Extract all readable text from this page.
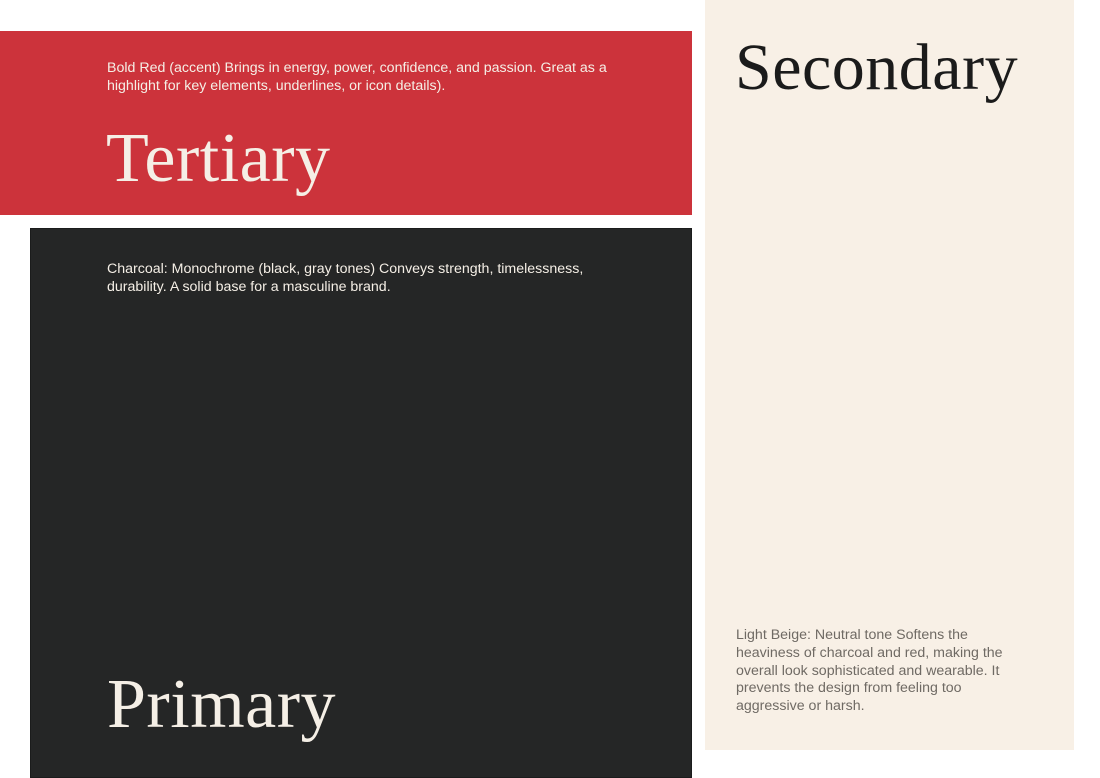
Bold Red (accent) Brings in energy, power, confidence, and passion. Great as a highlight for key elements, underlines, or icon details).

Tertiary

Charcoal: Monochrome (black, gray tones) Conveys strength, timelessness, durability. A solid base for a masculine brand.

Primary
Secondary

Light Beige: Neutral tone Softens the heaviness of charcoal and red, making the overall look sophisticated and wearable. It prevents the design from feeling too aggressive or harsh.
